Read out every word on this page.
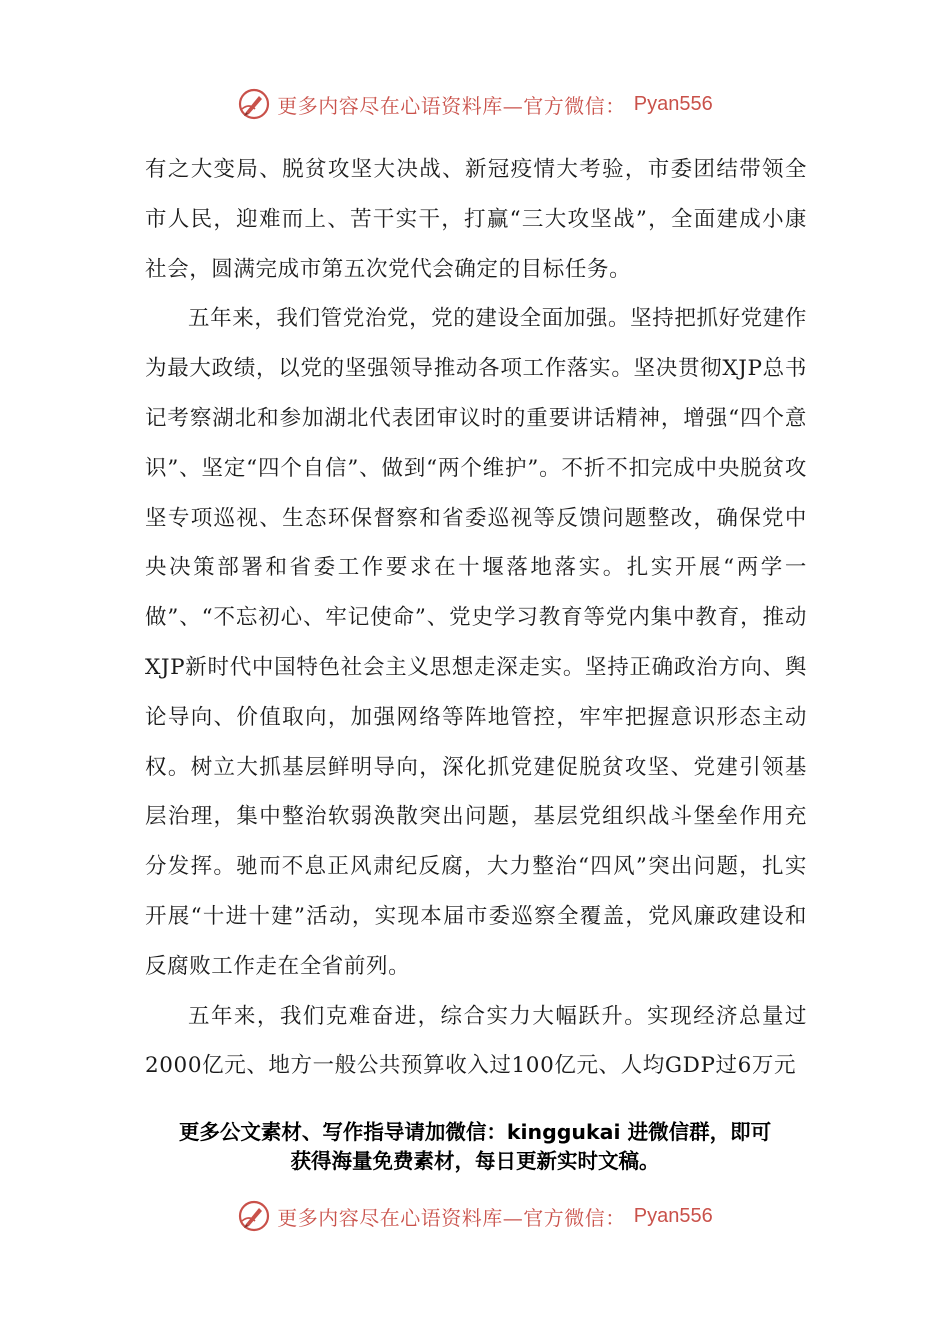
更多内容尽在心语资料库—官方微信： Pyan556

有之大变局、脱贫攻坚大决战、新冠疫情大考验，市委团结带领全市人民，迎难而上、苦干实干，打赢“三大攻坚战”，全面建成小康社会，圆满完成市第五次党代会确定的目标任务。

五年来，我们管党治党，党的建设全面加强。坚持把抓好党建作为最大政绩，以党的坚强领导推动各项工作落实。坚决贯彻XJP总书记考察湖北和参加湖北代表团审议时的重要讲话精神，增强“四个意识”、坚定“四个自信”、做到“两个维护”。不折不扣完成中央脱贫攻坚专项巡视、生态环保督察和省委巡视等反馈问题整改，确保党中央决策部署和省委工作要求在十堰落地落实。扎实开展“两学一做”、“不忘初心、牢记使命”、党史学习教育等党内集中教育，推动XJP新时代中国特色社会主义思想走深走实。坚持正确政治方向、舆论导向、价值取向，加强网络等阵地管控，牢牢把握意识形态主动权。树立大抓基层鲜明导向，深化抓党建促脱贫攻坚、党建引领基层治理，集中整治软弱涣散突出问题，基层党组织战斗堡垒作用充分发挥。驰而不息正风肃纪反腐，大力整治“四风”突出问题，扎实开展“十进十建”活动，实现本届市委巡察全覆盖，党风廉政建设和反腐败工作走在全省前列。

五年来，我们克难奋进，综合实力大幅跃升。实现经济总量过2000亿元、地方一般公共预算收入过100亿元、人均GDP过6万元

更多公文素材、写作指导请加微信：kinggukai 进微信群，即可
获得海量免费素材，每日更新实时文稿。
更多内容尽在心语资料库—官方微信： Pyan556
